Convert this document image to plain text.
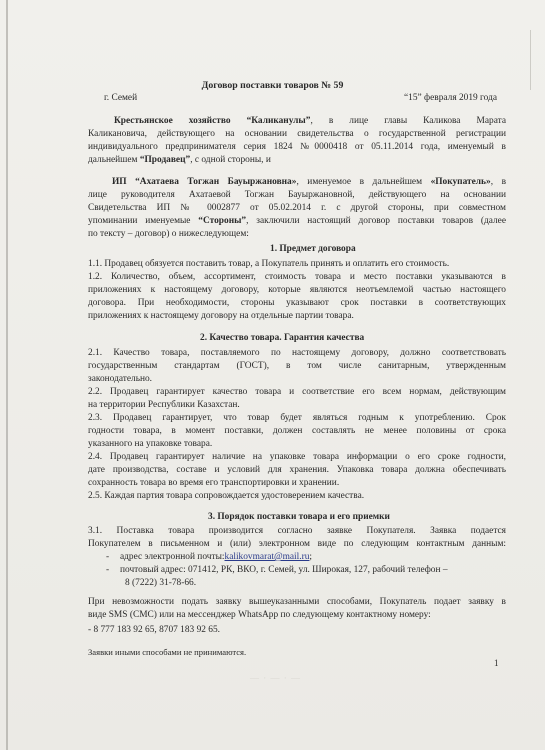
Договор поставки товаров № 59
г. Семей	“15” февраля 2019 года
Крестьянское хозяйство “Каликанулы”, в лице главы Каликова Марата
Каликановича, действующего на основании свидетельства о государственной регистрации
индивидуального предпринимателя серия 1824 №0000418 от 05.11.2014 года, именуемый в
дальнейшем “Продавец”, с одной стороны, и
ИП “Ахатаева Тогжан Бауыржановна», именуемое в дальнейшем «Покупатель», в
лице руководителя Ахатаевой Тогжан Бауыржановной, действующего на основании
Свидетельства ИП № 0002877 от 05.02.2014 г. с другой стороны, при совместном
упоминании именуемые “Стороны”, заключили настоящий договор поставки товаров (далее
по тексту – договор) о нижеследующем:
1. Предмет договора
1.1. Продавец обязуется поставить товар, а Покупатель принять и оплатить его стоимость.
1.2. Количество, объем, ассортимент, стоимость товара и место поставки указываются в
приложениях к настоящему договору, которые являются неотъемлемой частью настоящего
договора. При необходимости, стороны указывают срок поставки в соответствующих
приложениях к настоящему договору на отдельные партии товара.
2. Качество товара. Гарантия качества
2.1. Качество товара, поставляемого по настоящему договору, должно соответствовать
государственным стандартам (ГОСТ), в том числе санитарным, утвержденным
законодательно.
2.2. Продавец гарантирует качество товара и соответствие его всем нормам, действующим
на территории Республики Казахстан.
2.3. Продавец гарантирует, что товар будет являться годным к употреблению. Срок
годности товара, в момент поставки, должен составлять не менее половины от срока
указанного на упаковке товара.
2.4. Продавец гарантирует наличие на упаковке товара информации о его сроке годности,
дате производства, составе и условий для хранения. Упаковка товара должна обеспечивать
сохранность товара во время его транспортировки и хранении.
2.5. Каждая партия товара сопровождается удостоверением качества.
3. Порядок поставки товара и его приемки
3.1. Поставка товара производится согласно заявке Покупателя. Заявка подается
Покупателем в письменном и (или) электронном виде по следующим контактным данным:
- адрес электронной почты:kalikovmarat@mail.ru;
- почтовый адрес: 071412, РК, ВКО, г. Семей, ул. Широкая, 127, рабочий телефон –
8 (7222) 31-78-66.
При невозможности подать заявку вышеуказанными способами, Покупатель подает заявку в
виде SMS (СМС) или на мессенджер WhatsApp по следующему контактному номеру:
- 8 777 183 92 65, 8707 183 92 65.
Заявки иными способами не принимаются.
1
— · — · —
